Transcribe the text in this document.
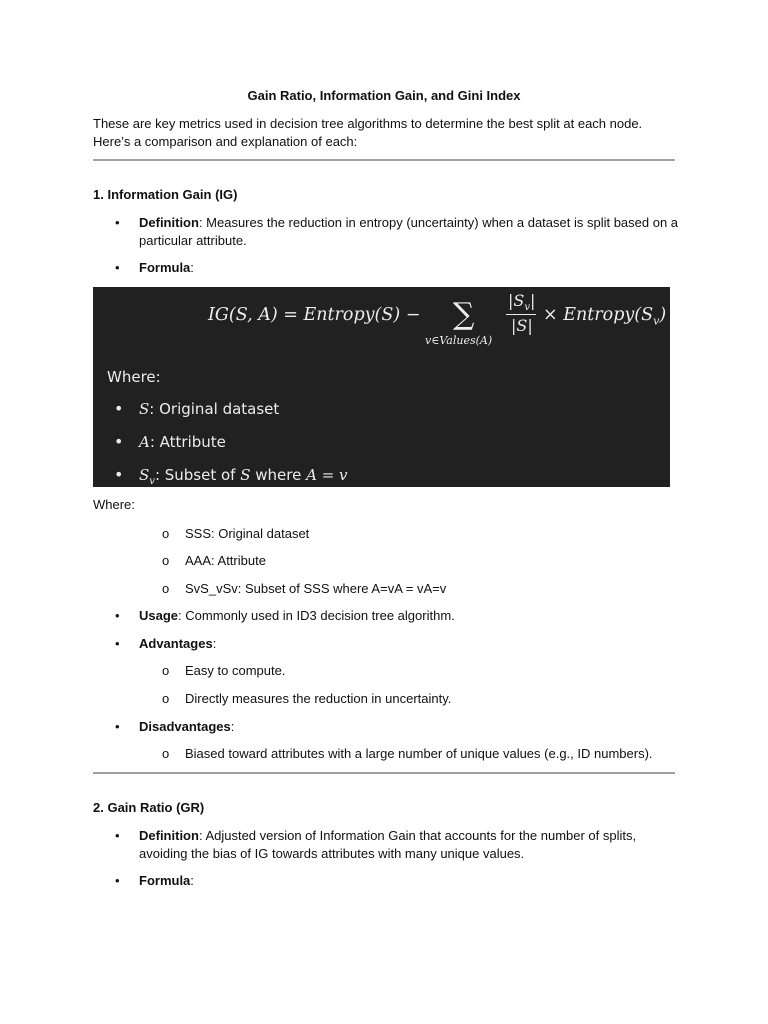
Gain Ratio, Information Gain, and Gini Index
These are key metrics used in decision tree algorithms to determine the best split at each node. Here’s a comparison and explanation of each:
1. Information Gain (IG)
• Definition: Measures the reduction in entropy (uncertainty) when a dataset is split based on a particular attribute.
• Formula:
IG(S, A) = Entropy(S) − ∑
v∈Values(A)
$|S_v|$
|S|
× $Entropy(S_v)$
Where:
• S: Original dataset
• A: Attribute
• $S_v$: Subset of S where A = v
Where:
o SSS: Original dataset
o AAA: Attribute
o SvS_vSv: Subset of SSS where A=vA = vA=v
• Usage: Commonly used in ID3 decision tree algorithm.
• Advantages:
o Easy to compute.
o Directly measures the reduction in uncertainty.
• Disadvantages:
o Biased toward attributes with a large number of unique values (e.g., ID numbers).
2. Gain Ratio (GR)
• Definition: Adjusted version of Information Gain that accounts for the number of splits, avoiding the bias of IG towards attributes with many unique values.
• Formula:
